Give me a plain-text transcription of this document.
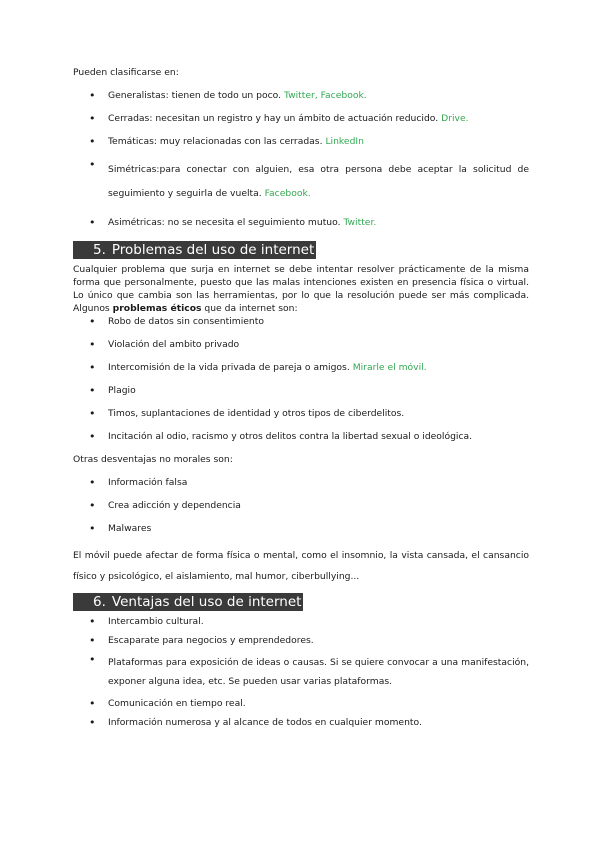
Pueden clasificarse en:

• Generalistas: tienen de todo un poco. Twitter, Facebook.
• Cerradas: necesitan un registro y hay un ámbito de actuación reducido. Drive.
• Temáticas: muy relacionadas con las cerradas. LinkedIn
• Simétricas:para conectar con alguien, esa otra persona debe aceptar la solicitud de seguimiento y seguirla de vuelta. Facebook.
• Asimétricas: no se necesita el seguimiento mutuo. Twitter.
5. Problemas del uso de internet

Cualquier problema que surja en internet se debe intentar resolver prácticamente de la misma forma que personalmente, puesto que las malas intenciones existen en presencia física o virtual. Lo único que cambia son las herramientas, por lo que la resolución puede ser más complicada. Algunos problemas éticos que da internet son:

• Robo de datos sin consentimiento
• Violación del ambito privado
• Intercomisión de la vida privada de pareja o amigos. Mirarle el móvil.
• Plagio
• Timos, suplantaciones de identidad y otros tipos de ciberdelitos.
• Incitación al odio, racismo y otros delitos contra la libertad sexual o ideológica.

Otras desventajas no morales son:

• Información falsa
• Crea adicción y dependencia
• Malwares

El móvil puede afectar de forma física o mental, como el insomnio, la vista cansada, el cansancio físico y psicológico, el aislamiento, mal humor, ciberbullying...

6. Ventajas del uso de internet
• Intercambio cultural.
• Escaparate para negocios y emprendedores.
• Plataformas para exposición de ideas o causas. Si se quiere convocar a una manifestación, exponer alguna idea, etc. Se pueden usar varias plataformas.
• Comunicación en tiempo real.
• Información numerosa y al alcance de todos en cualquier momento.
